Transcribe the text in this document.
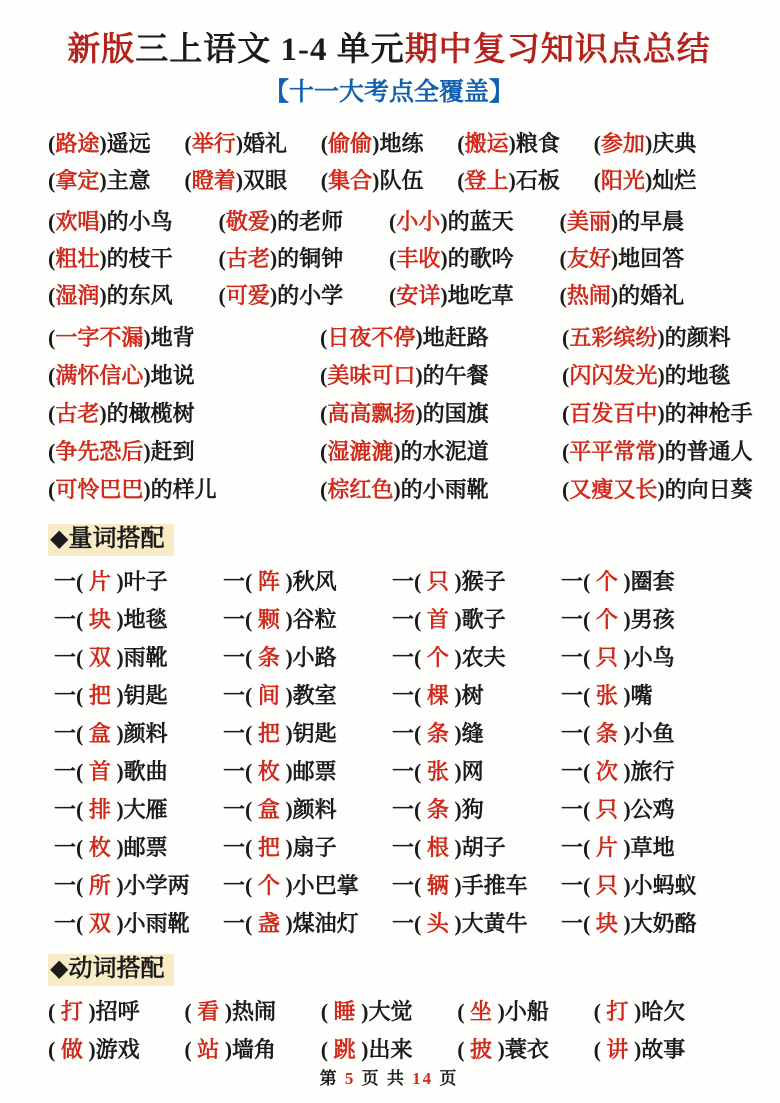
新版三上语文 1-4 单元期中复习知识点总结
【十一大考点全覆盖】
(路途)遥远	(举行)婚礼	(偷偷)地练	(搬运)粮食	(参加)庆典
(拿定)主意	(瞪着)双眼	(集合)队伍	(登上)石板	(阳光)灿烂
(欢唱)的小鸟	(敬爱)的老师	(小小)的蓝天	(美丽)的早晨
(粗壮)的枝干	(古老)的铜钟	(丰收)的歌吟	(友好)地回答
(湿润)的东风	(可爱)的小学	(安详)地吃草	(热闹)的婚礼
(一字不漏)地背	(日夜不停)地赶路	(五彩缤纷)的颜料
(满怀信心)地说	(美味可口)的午餐	(闪闪发光)的地毯
(古老)的橄榄树	(高高飘扬)的国旗	(百发百中)的神枪手
(争先恐后)赶到	(湿漉漉)的水泥道	(平平常常)的普通人
(可怜巴巴)的样儿	(棕红色)的小雨靴	(又瘦又长)的向日葵
◆量词搭配
一( 片 )叶子	一( 阵 )秋风	一( 只 )猴子	一( 个 )圈套
一( 块 )地毯	一( 颗 )谷粒	一( 首 )歌子	一( 个 )男孩
一( 双 )雨靴	一( 条 )小路	一( 个 )农夫	一( 只 )小鸟
一( 把 )钥匙	一( 间 )教室	一( 棵 )树	一( 张 )嘴
一( 盒 )颜料	一( 把 )钥匙	一( 条 )缝	一( 条 )小鱼
一( 首 )歌曲	一( 枚 )邮票	一( 张 )网	一( 次 )旅行
一( 排 )大雁	一( 盒 )颜料	一( 条 )狗	一( 只 )公鸡
一( 枚 )邮票	一( 把 )扇子	一( 根 )胡子	一( 片 )草地
一( 所 )小学两	一( 个 )小巴掌	一( 辆 )手推车	一( 只 )小蚂蚁
一( 双 )小雨靴	一( 盏 )煤油灯	一( 头 )大黄牛	一( 块 )大奶酪
◆动词搭配
( 打 )招呼	( 看 )热闹	( 睡 )大觉	( 坐 )小船	( 打 )哈欠
( 做 )游戏	( 站 )墙角	( 跳 )出来	( 披 )蓑衣	( 讲 )故事
第 5 页 共 14 页
